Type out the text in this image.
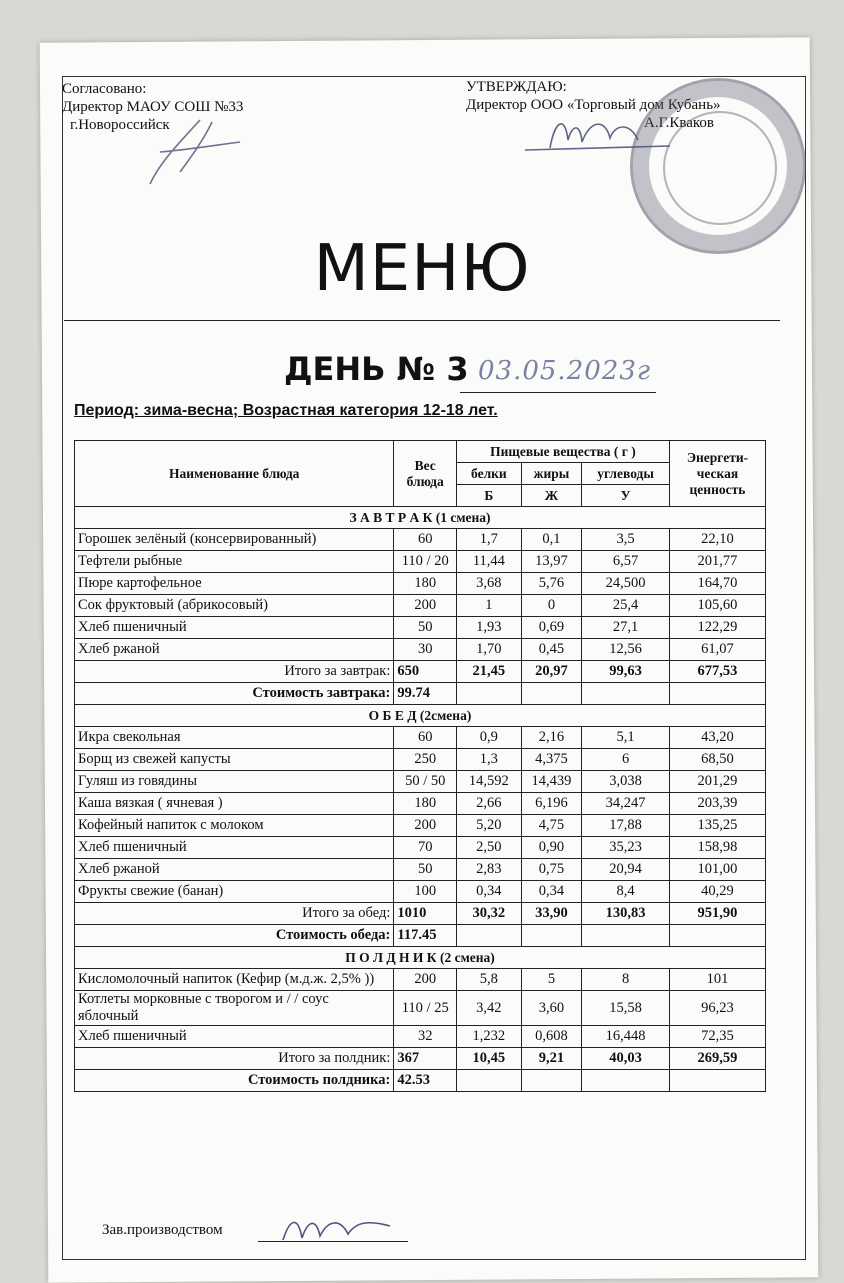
Согласовано:
Директор МАОУ СОШ №33
г.Новороссийск
УТВЕРЖДАЮ:
Директор ООО «Торговый дом Кубань»
А.Г.Кваков
МЕНЮ
ДЕНЬ № 3 03.05.2023г
Период: зима-весна; Возрастная категория 12-18 лет.
Наименование блюда	Вес блюда	Пищевые вещества ( г )			Энергети-ческая ценность
		белки	жиры	углеводы	
		Б	Ж	У	
З А В Т Р А К (1 смена)					
Горошек зелёный (консервированный)	60	1,7	0,1	3,5	22,10
Тефтели рыбные	110 / 20	11,44	13,97	6,57	201,77
Пюре картофельное	180	3,68	5,76	24,500	164,70
Сок фруктовый (абрикосовый)	200	1	0	25,4	105,60
Хлеб пшеничный	50	1,93	0,69	27,1	122,29
Хлеб ржаной	30	1,70	0,45	12,56	61,07
Итого за завтрак:	650	21,45	20,97	99,63	677,53
Стоимость завтрака:	99.74				
О Б Е Д (2смена)					
Икра свекольная	60	0,9	2,16	5,1	43,20
Борщ из свежей капусты	250	1,3	4,375	6	68,50
Гуляш из говядины	50 / 50	14,592	14,439	3,038	201,29
Каша вязкая ( ячневая )	180	2,66	6,196	34,247	203,39
Кофейный напиток с молоком	200	5,20	4,75	17,88	135,25
Хлеб пшеничный	70	2,50	0,90	35,23	158,98
Хлеб ржаной	50	2,83	0,75	20,94	101,00
Фрукты свежие (банан)	100	0,34	0,34	8,4	40,29
Итого за обед:	1010	30,32	33,90	130,83	951,90
Стоимость обеда:	117.45				
П О Л Д Н И К (2 смена)					
Кисломолочный напиток (Кефир (м.д.ж. 2,5% ))	200	5,8	5	8	101
Котлеты морковные с творогом и / / соус яблочный	110 / 25	3,42	3,60	15,58	96,23
Хлеб пшеничный	32	1,232	0,608	16,448	72,35
Итого за полдник:	367	10,45	9,21	40,03	269,59
Стоимость полдника:	42.53				
Зав.производством
